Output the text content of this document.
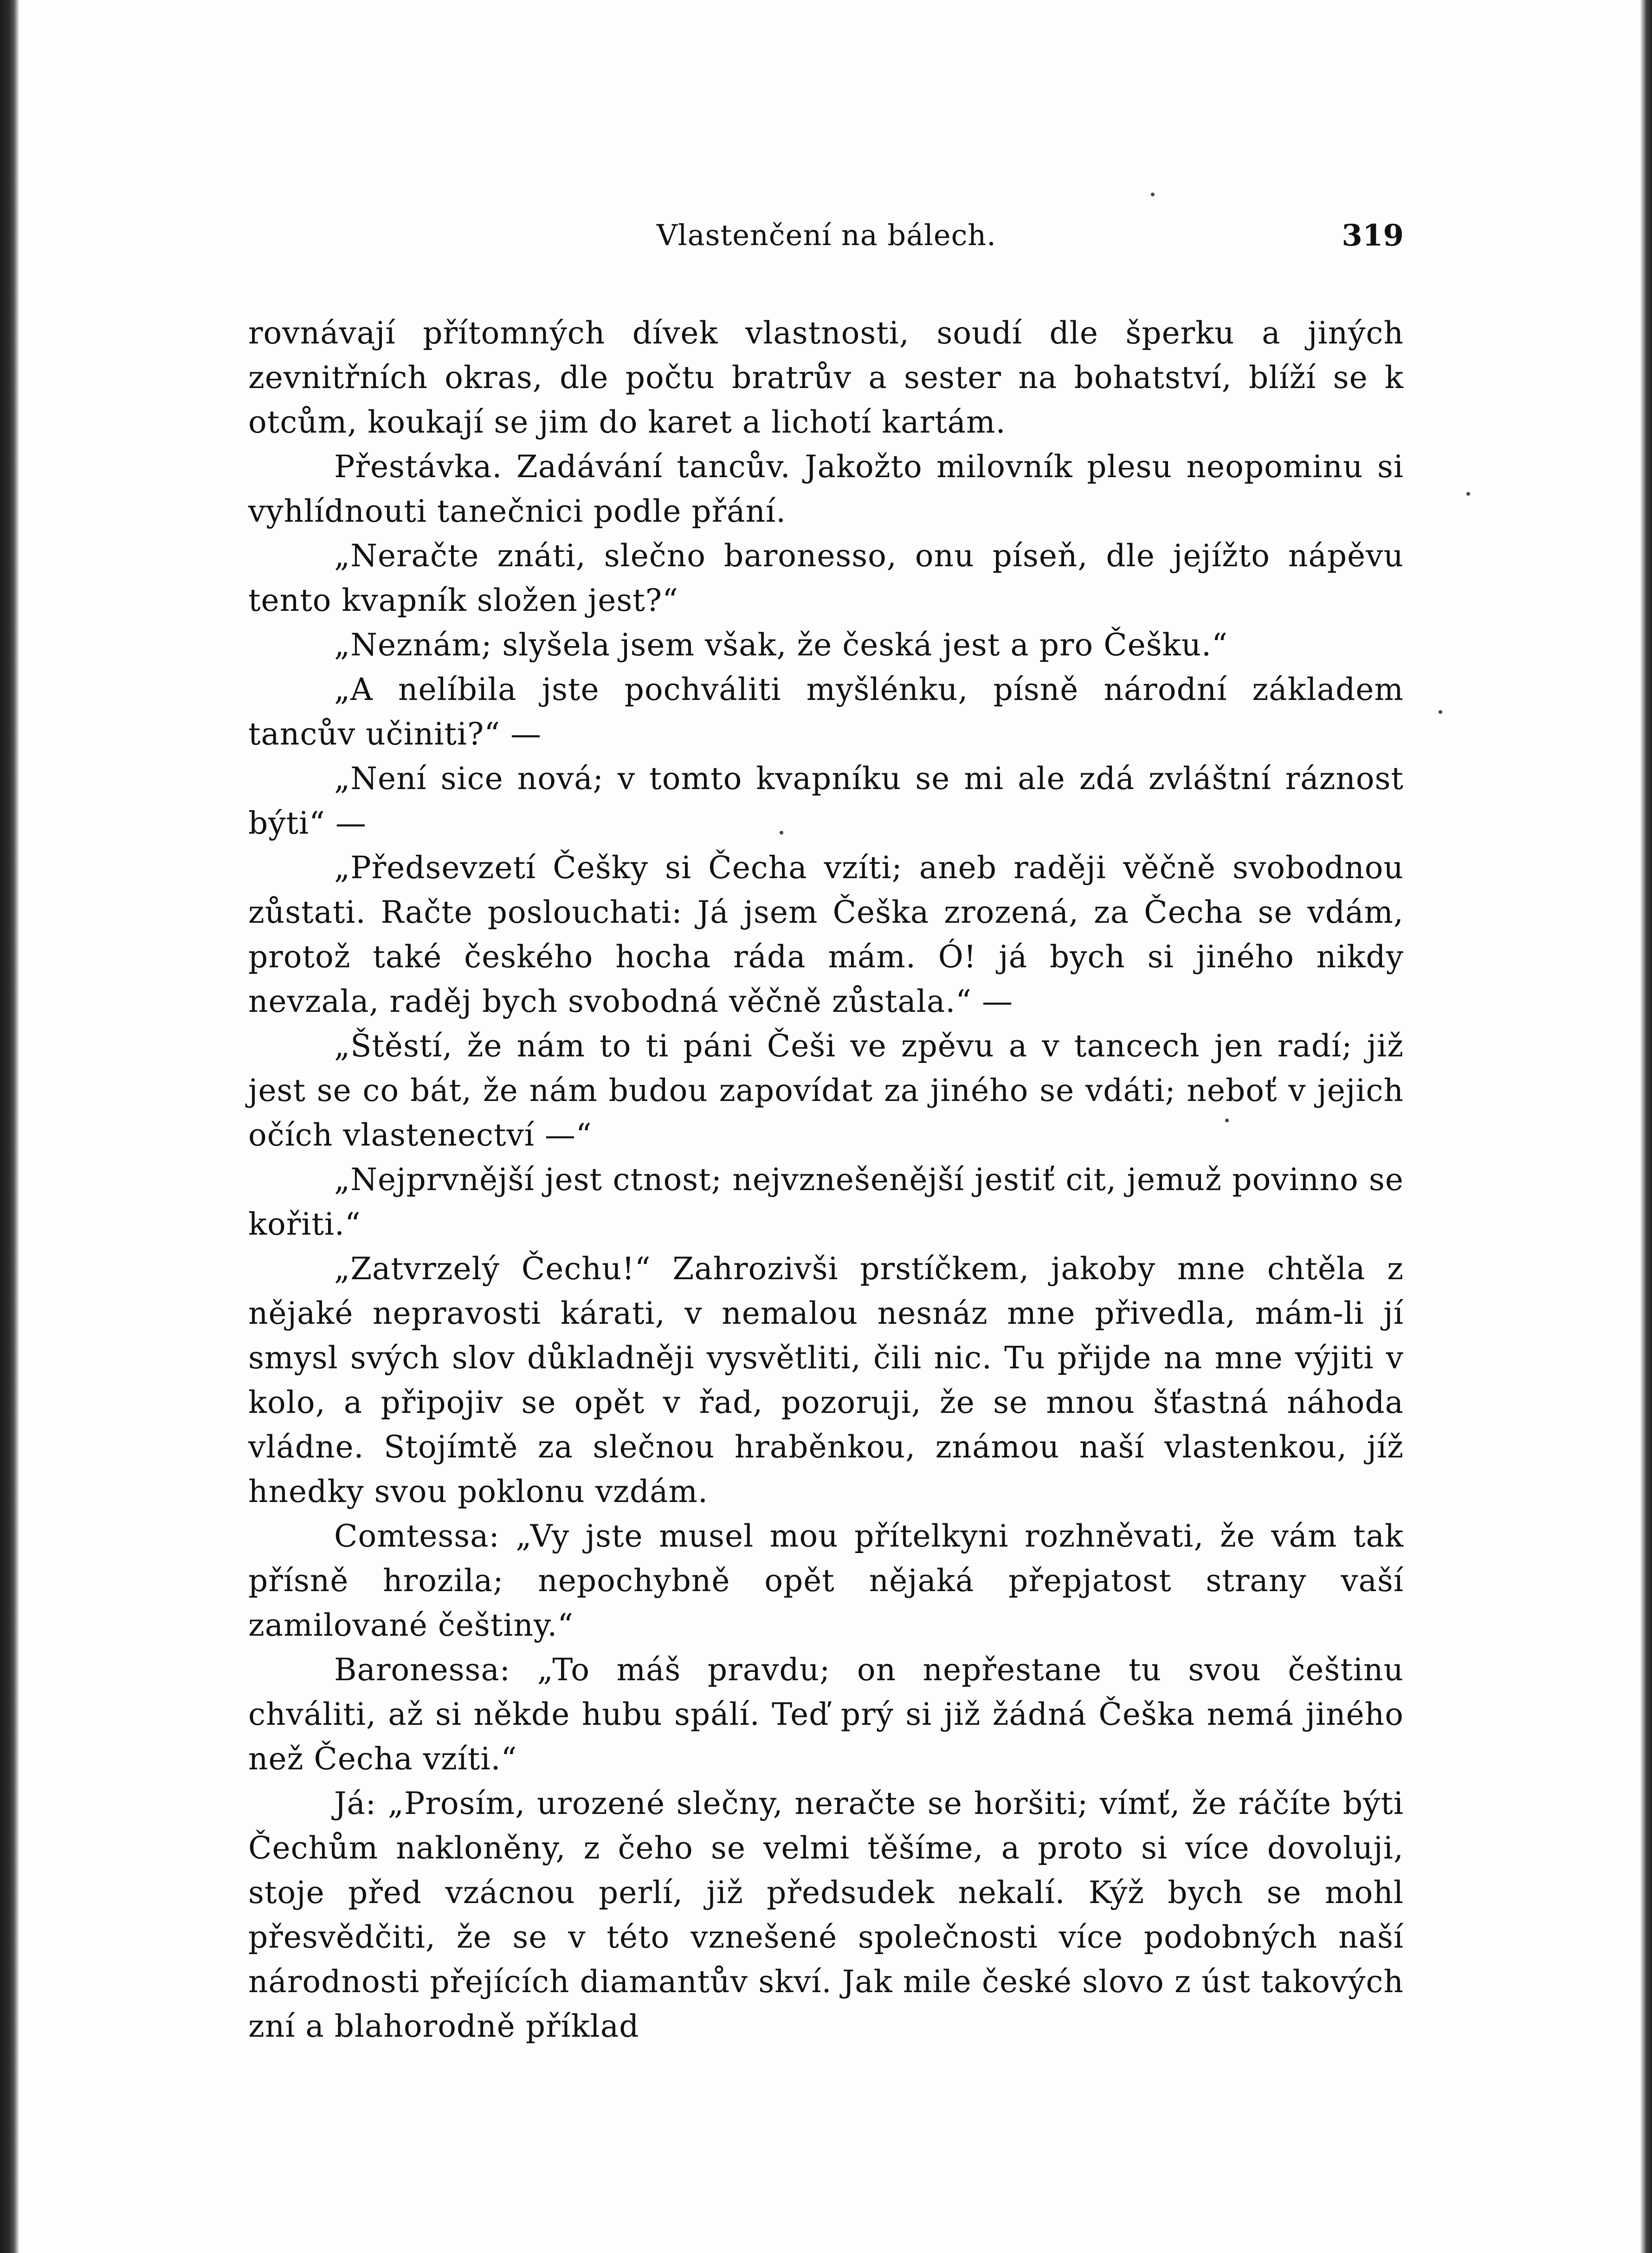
Vlastenčení na bálech.	319

rovnávají přítomných dívek vlastnosti, soudí dle šperku a jiných zevnitřních okras, dle počtu bratrův a sester na bohatství, blíží se k otcům, koukají se jim do karet a lichotí kartám.

Přestávka. Zadávání tancův. Jakožto milovník plesu neopominu si vyhlídnouti tanečnici podle přání.

„Neračte znáti, slečno baronesso, onu píseň, dle jejížto nápěvu tento kvapník složen jest?“

„Neznám; slyšela jsem však, že česká jest a pro Češku.“

„A nelíbila jste pochváliti myšlénku, písně národní základem tancův učiniti?“ —

„Není sice nová; v tomto kvapníku se mi ale zdá zvláštní ráznost býti“ —

„Předsevzetí Češky si Čecha vzíti; aneb raději věčně svobodnou zůstati. Račte poslouchati: Já jsem Češka zrozená, za Čecha se vdám, protož také českého hocha ráda mám. Ó! já bych si jiného nikdy nevzala, raděj bych svobodná věčně zůstala.“ —

„Štěstí, že nám to ti páni Češi ve zpěvu a v tancech jen radí; již jest se co bát, že nám budou zapovídat za jiného se vdáti; neboť v jejich očích vlastenectví —“

„Nejprvnější jest ctnost; nejvznešenější jestiť cit, jemuž povinno se kořiti.“

„Zatvrzelý Čechu!“ Zahrozivši prstíčkem, jakoby mne chtěla z nějaké nepravosti kárati, v nemalou nesnáz mne přivedla, mám-li jí smysl svých slov důkladněji vysvětliti, čili nic. Tu přijde na mne výjiti v kolo, a připojiv se opět v řad, pozoruji, že se mnou šťastná náhoda vládne. Stojímtě za slečnou hraběnkou, známou naší vlastenkou, jíž hnedky svou poklonu vzdám.

Comtessa: „Vy jste musel mou přítelkyni rozhněvati, že vám tak přísně hrozila; nepochybně opět nějaká přepjatost strany vaší zamilované češtiny.“

Baronessa: „To máš pravdu; on nepřestane tu svou češtinu chváliti, až si někde hubu spálí. Teď prý si již žádná Češka nemá jiného než Čecha vzíti.“

Já: „Prosím, urozené slečny, neračte se horšiti; vímť, že ráčíte býti Čechům nakloněny, z čeho se velmi těšíme, a proto si více dovoluji, stoje před vzácnou perlí, již předsudek nekalí. Kýž bych se mohl přesvědčiti, že se v této vznešené společnosti více podobných naší národnosti přejících diamantův skví. Jak mile české slovo z úst takových zní a blahorodně příklad
